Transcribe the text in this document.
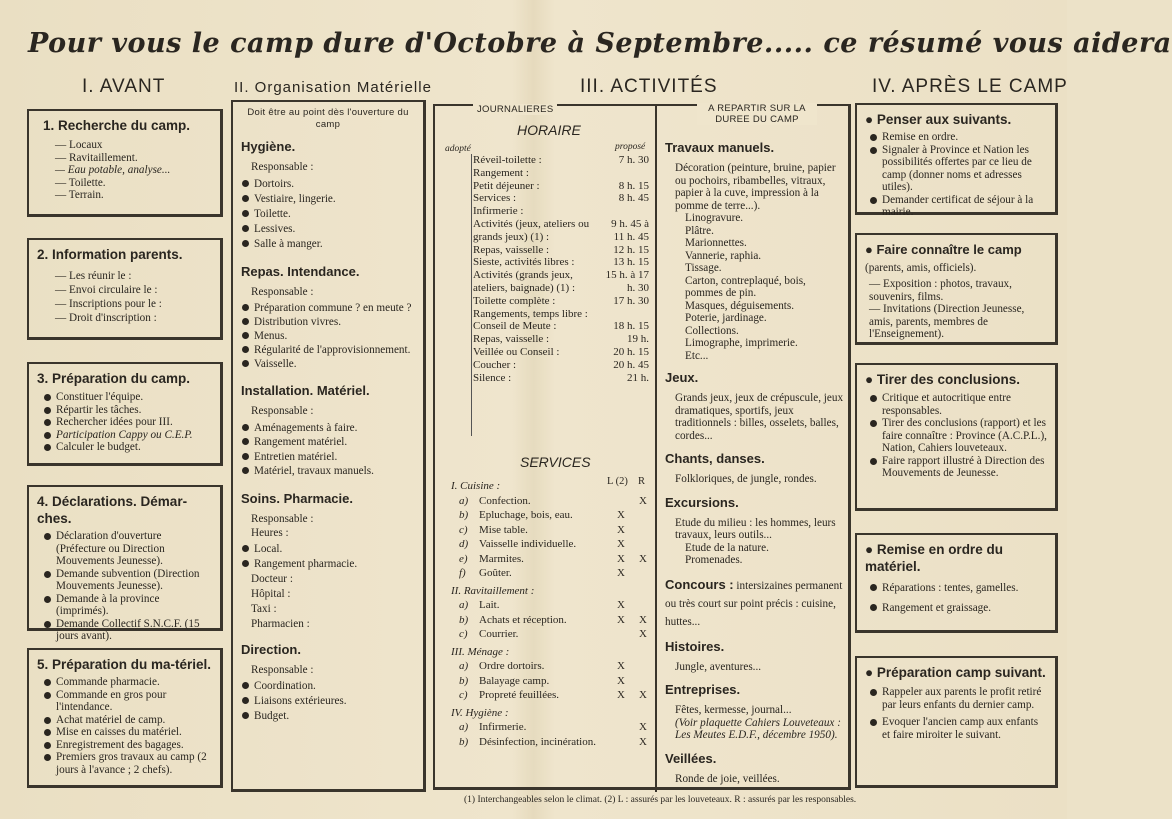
Pour vous le camp dure d'Octobre à Septembre..... ce résumé vous aidera
I. AVANT	II. Organisation Matérielle	III. ACTIVITÉS	IV. APRÈS LE CAMP
1. Recherche du camp.
— Locaux
— Ravitaillement.
— Eau potable, analyse...
— Toilette.
— Terrain.
2. Information parents.
— Les réunir le :
— Envoi circulaire le :
— Inscriptions pour le :
— Droit d'inscription :
3. Préparation du camp.
Constituer l'équipe.
Répartir les tâches.
Rechercher idées pour III.
Participation Cappy ou C.E.P.
Calculer le budget.
4. Déclarations. Démar-ches.
Déclaration d'ouverture (Préfecture ou Direction Mouvements Jeunesse).
Demande subvention (Direction Mouvements Jeunesse).
Demande à la province (imprimés).
Demande Collectif S.N.C.F. (15 jours avant).
5. Préparation du ma-tériel.
Commande pharmacie.
Commande en gros pour l'intendance.
Achat matériel de camp.
Mise en caisses du matériel.
Enregistrement des bagages.
Premiers gros travaux au camp (2 jours à l'avance ; 2 chefs).
Doit être au point dès l'ouverture du camp
Hygiène.
Responsable :
Dortoirs.
Vestiaire, lingerie.
Toilette.
Lessives.
Salle à manger.
Repas. Intendance.
Responsable :
Préparation commune ? en meute ?
Distribution vivres.
Menus.
Régularité de l'approvisionnement.
Vaisselle.
Installation. Matériel.
Responsable :
Aménagements à faire.
Rangement matériel.
Entretien matériel.
Matériel, travaux manuels.
Soins. Pharmacie.
Responsable :
Heures :
Local.
Rangement pharmacie.
Docteur :
Hôpital :
Taxi : Pharmacien :
Direction.
Responsable :
Coordination.
Liaisons extérieures.
Budget.
JOURNALIERES
HORAIRE
adopté	proposé
Réveil-toilette :	7 h. 30
Rangement :	
Petit déjeuner :	8 h. 15
Services :	8 h. 45
Infirmerie :	
Activités (jeux, ateliers ou grands jeux) (1) :	9 h. 45 à 11 h. 45
Repas, vaisselle :	12 h. 15
Sieste, activités libres :	13 h. 15
Activités (grands jeux, ateliers, baignade) (1) :	15 h. à 17 h. 30
Toilette complète :	17 h. 30
Rangements, temps libre :	
Conseil de Meute :	18 h. 15
Repas, vaisselle :	19 h.
Veillée ou Conseil :	20 h. 15
Coucher :	20 h. 45
Silence :	21 h.
SERVICES
L (2) R
I. Cuisine :			
a)	Confection.		X
b)	Epluchage, bois, eau.	X	
c)	Mise table.	X	
d)	Vaisselle individuelle.	X	
e)	Marmites.	X	X
f)	Goûter.	X	
II. Ravitaillement :			
a)	Lait.	X	
b)	Achats et réception.	X	X
c)	Courrier.		X
III. Ménage :			
a)	Ordre dortoirs.	X	
b)	Balayage camp.	X	
c)	Propreté feuillées.	X	X
IV. Hygiène :			
a)	Infirmerie.		X
b)	Désinfection, incinération.		X
A REPARTIR SUR LA DUREE DU CAMP
Travaux manuels.
Décoration (peinture, bruine, papier ou pochoirs, ribambelles, vitraux, papier à la cuve, impression à la pomme de terre...).
Linogravure.
Plâtre.
Marionnettes.
Vannerie, raphia.
Tissage.
Carton, contreplaqué, bois, pommes de pin.
Masques, déguisements.
Poterie, jardinage.
Collections.
Limographe, imprimerie.
Etc...
Jeux.
Grands jeux, jeux de crépuscule, jeux dramatiques, sportifs, jeux traditionnels : billes, osselets, balles, cordes...
Chants, danses.
Folkloriques, de jungle, rondes.
Excursions.
Etude du milieu : les hommes, leurs travaux, leurs outils...
Etude de la nature.
Promenades.
Concours : intersizaines permanent ou très court sur point précis : cuisine, huttes...
Histoires.
Jungle, aventures...
Entreprises.
Fêtes, kermesse, journal...
(Voir plaquette Cahiers Louveteaux : Les Meutes E.D.F., décembre 1950).
Veillées.
Ronde de joie, veillées.
● Penser aux suivants.
Remise en ordre.
Signaler à Province et Nation les possibilités offertes par ce lieu de camp (donner noms et adresses utiles).
Demander certificat de séjour à la mairie.
● Faire connaître le camp (parents, amis, officiels).
— Exposition : photos, travaux, souvenirs, films.
— Invitations (Direction Jeunesse, amis, parents, membres de l'Enseignement).
● Tirer des conclusions.
Critique et autocritique entre responsables.
Tirer des conclusions (rapport) et les faire connaître : Province (A.C.P.L.), Nation, Cahiers louveteaux.
Faire rapport illustré à Direction des Mouvements de Jeunesse.
● Remise en ordre du matériel.
Réparations : tentes, gamelles.
Rangement et graissage.
● Préparation camp suivant.
Rappeler aux parents le profit retiré par leurs enfants du dernier camp.
Evoquer l'ancien camp aux enfants et faire miroiter le suivant.
(1) Interchangeables selon le climat. (2) L : assurés par les louveteaux. R : assurés par les responsables.
